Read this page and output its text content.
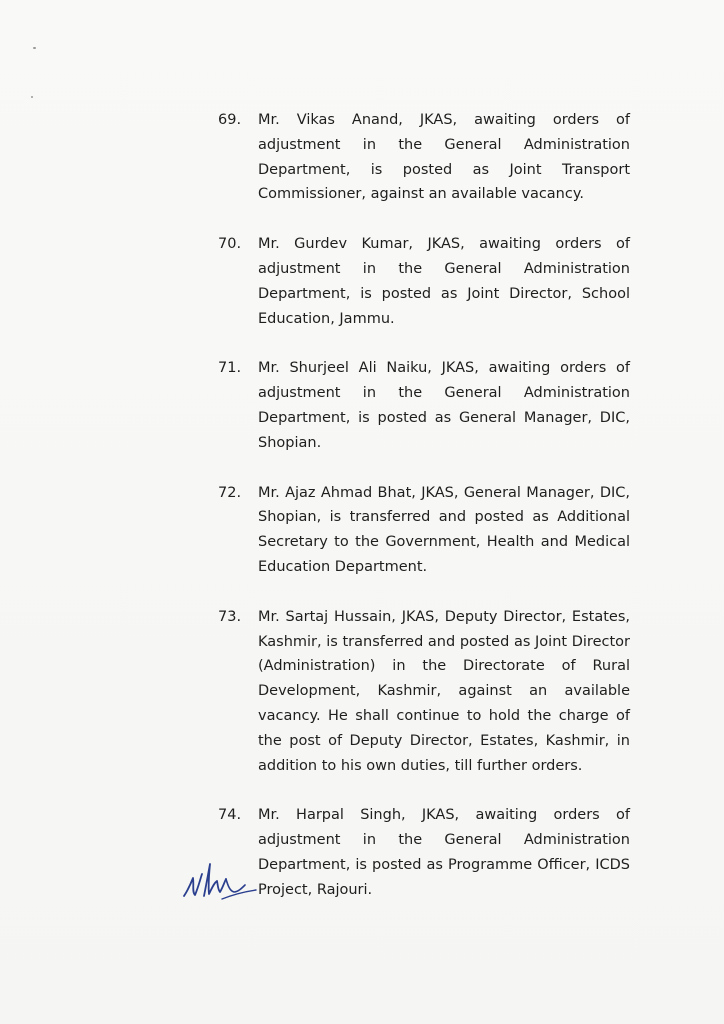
69.	Mr. Vikas Anand, JKAS, awaiting orders of adjustment in the General Administration Department, is posted as Joint Transport Commissioner, against an available vacancy.
70.	Mr. Gurdev Kumar, JKAS, awaiting orders of adjustment in the General Administration Department, is posted as Joint Director, School Education, Jammu.
71.	Mr. Shurjeel Ali Naiku, JKAS, awaiting orders of adjustment in the General Administration Department, is posted as General Manager, DIC, Shopian.
72.	Mr. Ajaz Ahmad Bhat, JKAS, General Manager, DIC, Shopian, is transferred and posted as Additional Secretary to the Government, Health and Medical Education Department.
73.	Mr. Sartaj Hussain, JKAS, Deputy Director, Estates, Kashmir, is transferred and posted as Joint Director (Administration) in the Directorate of Rural Development, Kashmir, against an available vacancy. He shall continue to hold the charge of the post of Deputy Director, Estates, Kashmir, in addition to his own duties, till further orders.
74.	Mr. Harpal Singh, JKAS, awaiting orders of adjustment in the General Administration Department, is posted as Programme Officer, ICDS Project, Rajouri.
